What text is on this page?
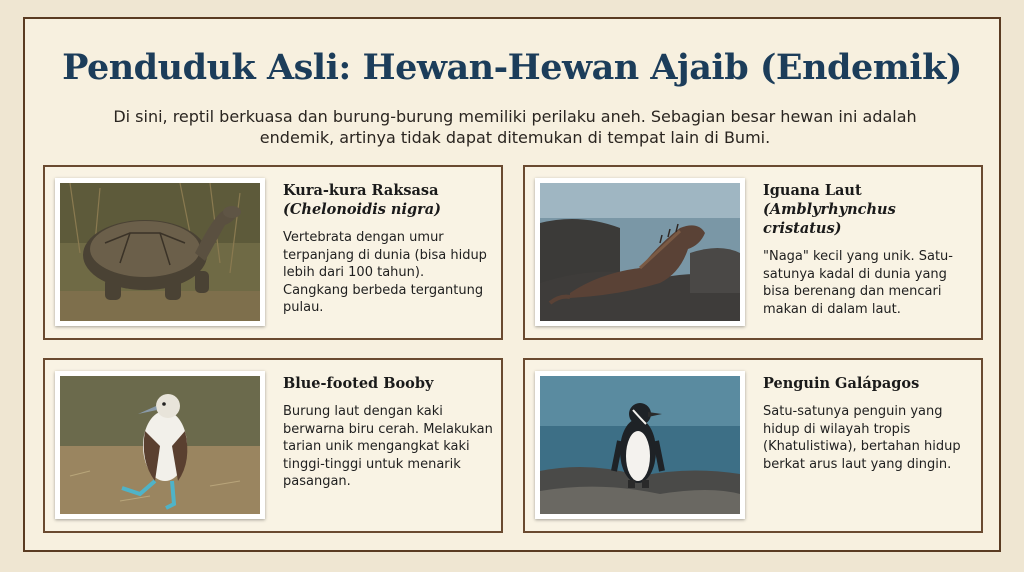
Penduduk Asli: Hewan-Hewan Ajaib (Endemik)

Di sini, reptil berkuasa dan burung-burung memiliki perilaku aneh. Sebagian besar hewan ini adalah endemik, artinya tidak dapat ditemukan di tempat lain di Bumi.

Kura-kura Raksasa
(Chelonoidis nigra)
Vertebrata dengan umur terpanjang di dunia (bisa hidup lebih dari 100 tahun). Cangkang berbeda tergantung pulau.
Iguana Laut
(Amblyrhynchus cristatus)
"Naga" kecil yang unik. Satu-satunya kadal di dunia yang bisa berenang dan mencari makan di dalam laut.
Blue-footed Booby
Burung laut dengan kaki berwarna biru cerah. Melakukan tarian unik mengangkat kaki tinggi-tinggi untuk menarik pasangan.
Penguin Galápagos
Satu-satunya penguin yang hidup di wilayah tropis (Khatulistiwa), bertahan hidup berkat arus laut yang dingin.
